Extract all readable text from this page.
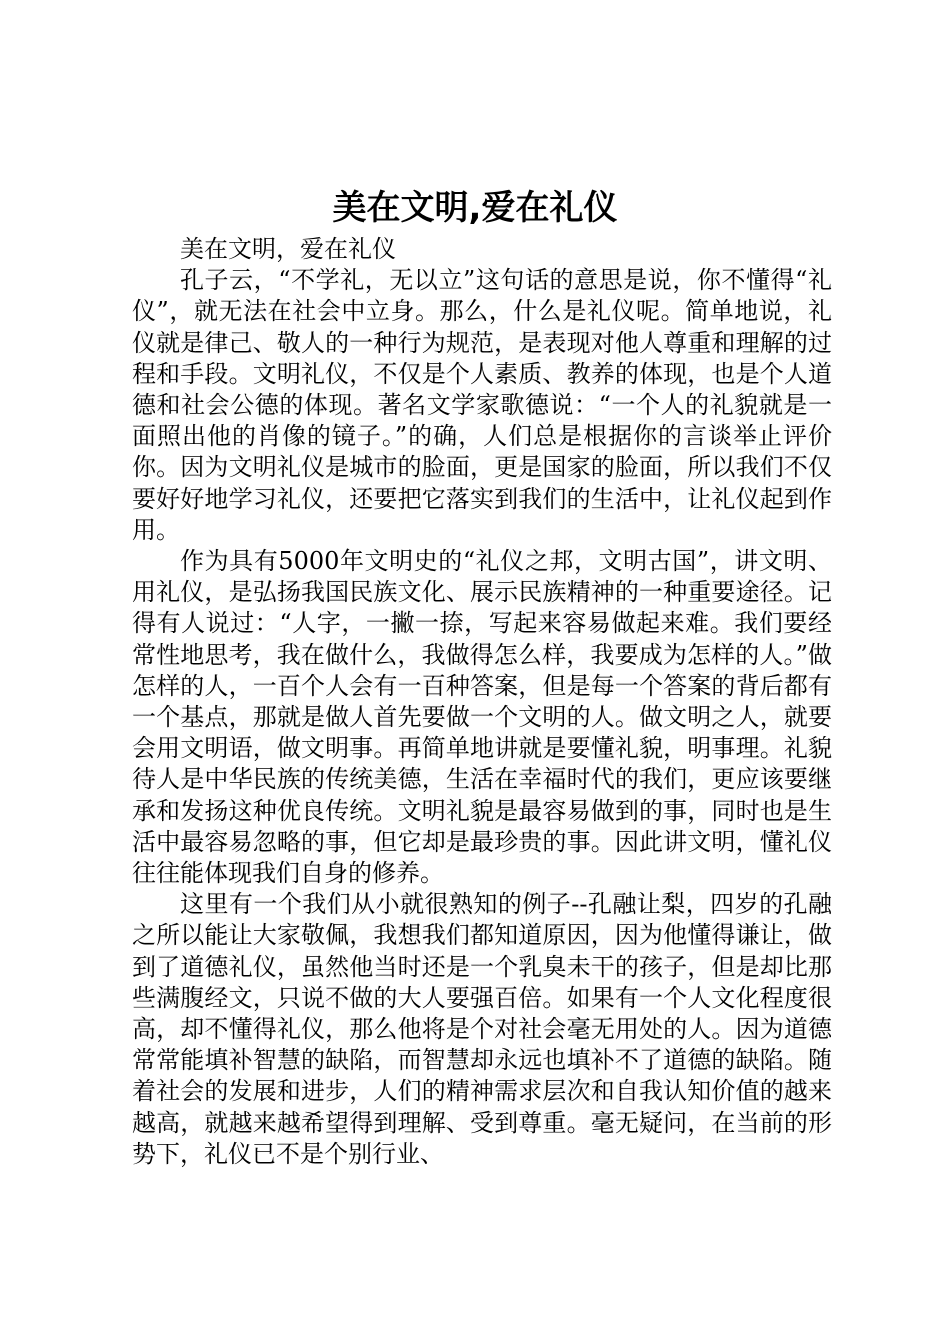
美在文明,爱在礼仪

美在文明，爱在礼仪

孔子云，“不学礼，无以立”这句话的意思是说，你不懂得“礼仪”，就无法在社会中立身。那么，什么是礼仪呢。简单地说，礼仪就是律己、敬人的一种行为规范，是表现对他人尊重和理解的过程和手段。文明礼仪，不仅是个人素质、教养的体现，也是个人道德和社会公德的体现。著名文学家歌德说：“一个人的礼貌就是一面照出他的肖像的镜子。”的确，人们总是根据你的言谈举止评价你。因为文明礼仪是城市的脸面，更是国家的脸面，所以我们不仅要好好地学习礼仪，还要把它落实到我们的生活中，让礼仪起到作用。

作为具有5000年文明史的“礼仪之邦，文明古国”，讲文明、用礼仪，是弘扬我国民族文化、展示民族精神的一种重要途径。记得有人说过：“人字，一撇一捺，写起来容易做起来难。我们要经常性地思考，我在做什么，我做得怎么样，我要成为怎样的人。”做怎样的人，一百个人会有一百种答案，但是每一个答案的背后都有一个基点，那就是做人首先要做一个文明的人。做文明之人，就要会用文明语，做文明事。再简单地讲就是要懂礼貌，明事理。礼貌待人是中华民族的传统美德，生活在幸福时代的我们，更应该要继承和发扬这种优良传统。文明礼貌是最容易做到的事，同时也是生活中最容易忽略的事，但它却是最珍贵的事。因此讲文明，懂礼仪往往能体现我们自身的修养。

这里有一个我们从小就很熟知的例子--孔融让梨，四岁的孔融之所以能让大家敬佩，我想我们都知道原因，因为他懂得谦让，做到了道德礼仪，虽然他当时还是一个乳臭未干的孩子，但是却比那些满腹经文，只说不做的大人要强百倍。如果有一个人文化程度很高，却不懂得礼仪，那么他将是个对社会毫无用处的人。因为道德常常能填补智慧的缺陷，而智慧却永远也填补不了道德的缺陷。随着社会的发展和进步，人们的精神需求层次和自我认知价值的越来越高，就越来越希望得到理解、受到尊重。毫无疑问，在当前的形势下，礼仪已不是个别行业、
